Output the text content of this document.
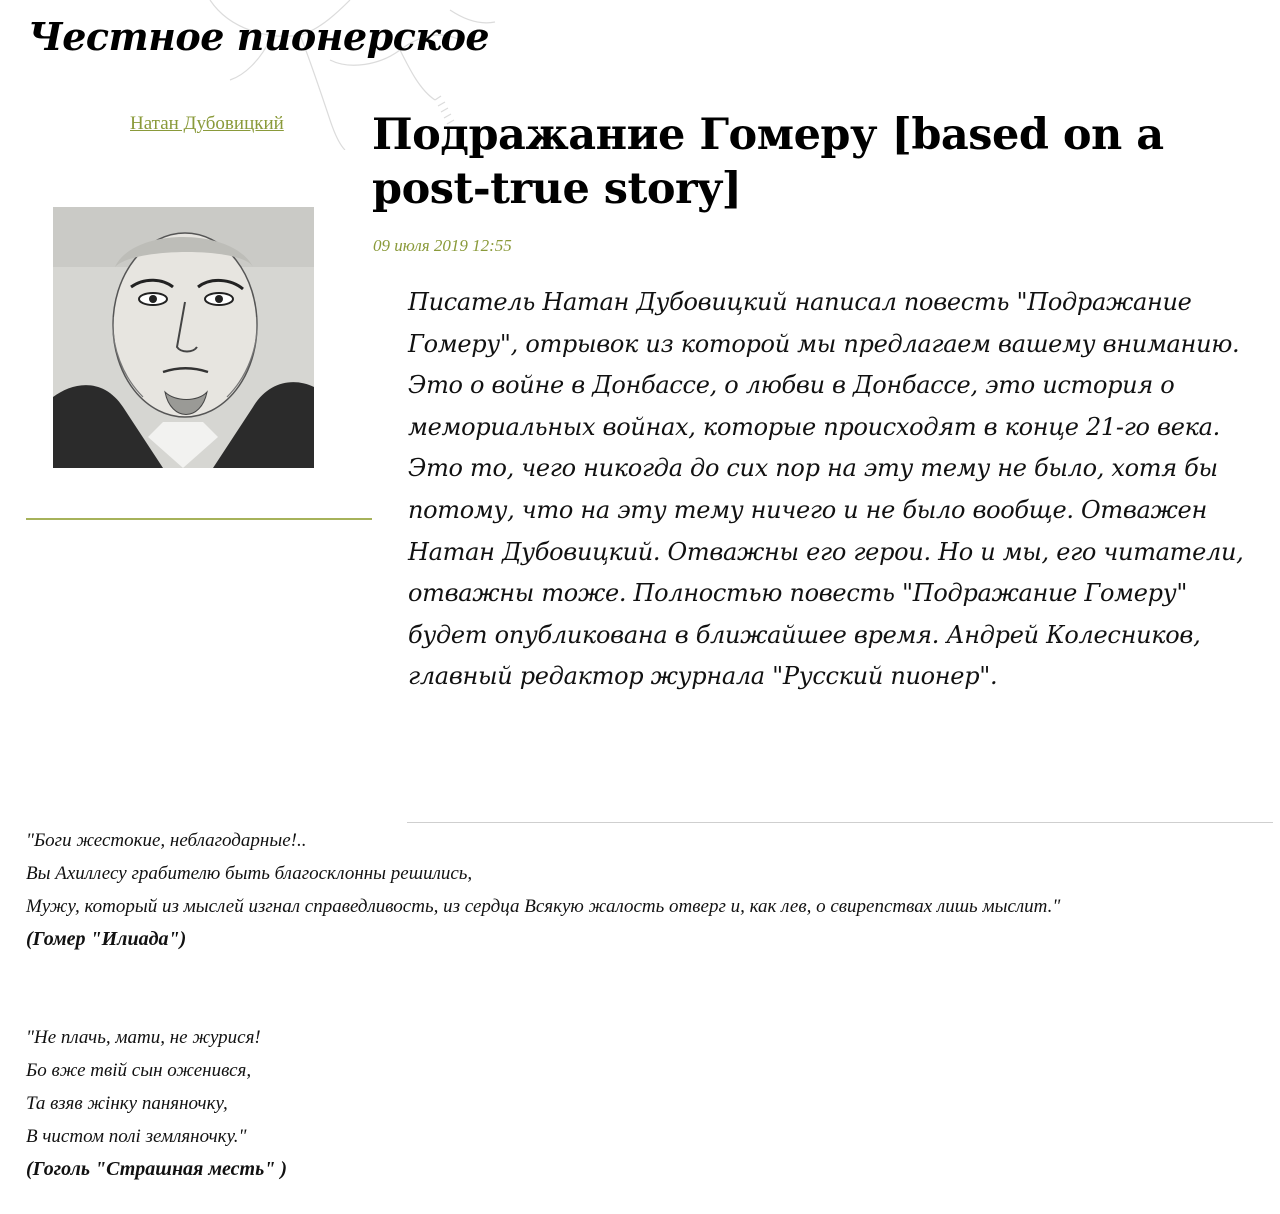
Честное пионерское
Натан Дубовицкий	Подражание Гомеру [based on a post-true story]
09 июля 2019 12:55

Писатель Натан Дубовицкий написал повесть "Подражание Гомеру", отрывок из которой мы предлагаем вашему вниманию. Это о войне в Донбассе, о любви в Донбассе, это история о мемориальных войнах, которые происходят в конце 21-го века. Это то, чего никогда до сих пор на эту тему не было, хотя бы потому, что на эту тему ничего и не было вообще. Отважен Натан Дубовицкий. Отважны его герои. Но и мы, его читатели, отважны тоже. Полностью повесть "Подражание Гомеру" будет опубликована в ближайшее время. Андрей Колесников, главный редактор журнала "Русский пионер".

"Боги жестокие, неблагодарные!..
Вы Ахиллесу грабителю быть благосклонны решились,
Мужу, который из мыслей изгнал справедливость, из сердца Всякую жалость отверг и, как лев, о свирепствах лишь мыслит."
(Гомер "Илиада")
"Не плачь, мати, не журися!
Бо вже твій сын оженився,
Та взяв жінку паняночку,
В чистом полі земляночку."
(Гоголь "Страшная месть" )
